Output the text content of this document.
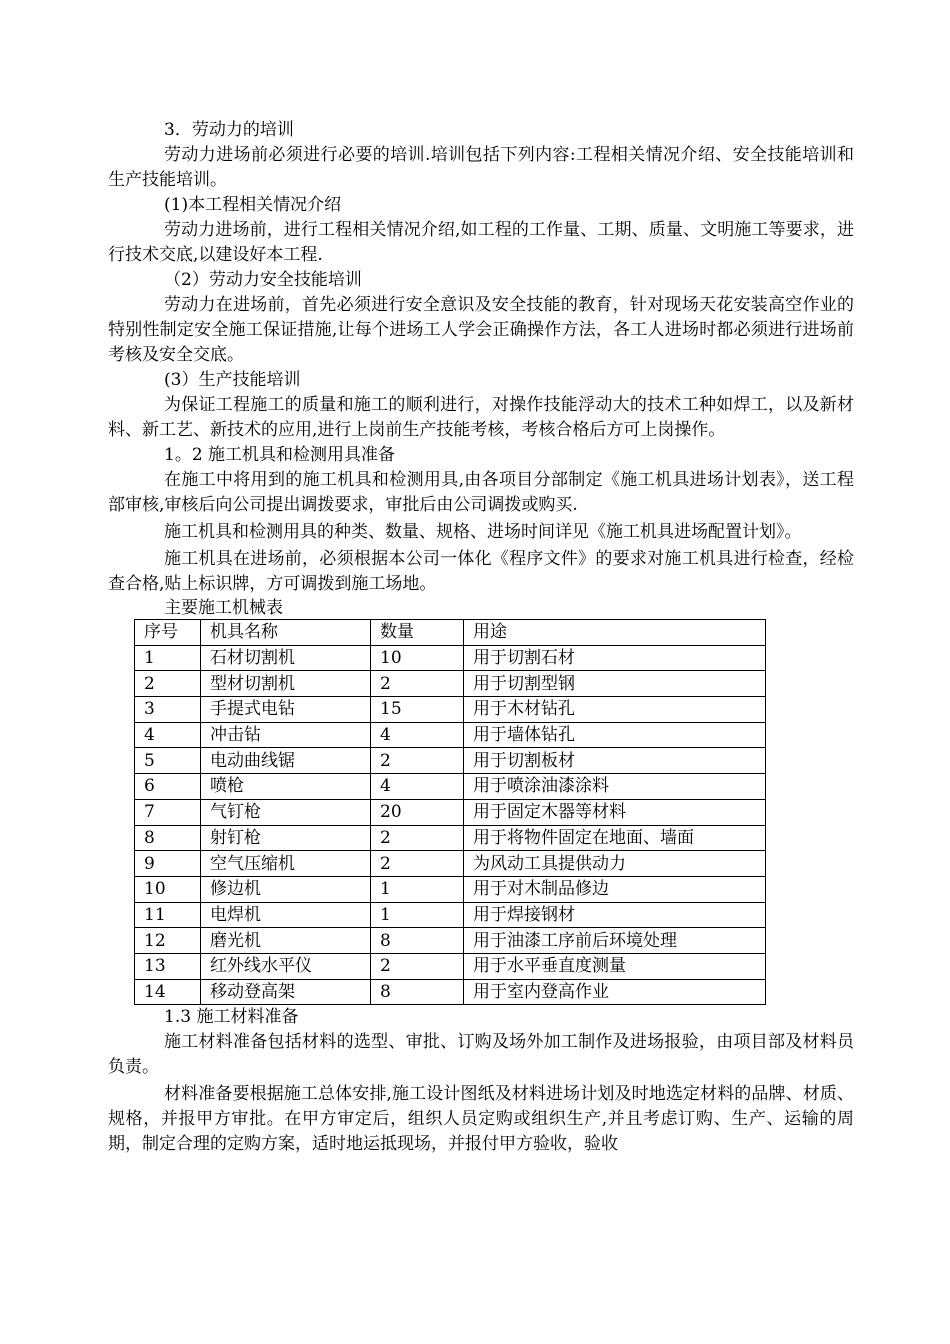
3．劳动力的培训

劳动力进场前必须进行必要的培训.培训包括下列内容:工程相关情况介绍、安全技能培训和生产技能培训。

(1)本工程相关情况介绍

劳动力进场前，进行工程相关情况介绍,如工程的工作量、工期、质量、文明施工等要求，进行技术交底,以建设好本工程.

（2）劳动力安全技能培训

劳动力在进场前，首先必须进行安全意识及安全技能的教育，针对现场天花安装高空作业的特别性制定安全施工保证措施,让每个进场工人学会正确操作方法，各工人进场时都必须进行进场前考核及安全交底。

(3）生产技能培训

为保证工程施工的质量和施工的顺利进行，对操作技能浮动大的技术工种如焊工，以及新材料、新工艺、新技术的应用,进行上岗前生产技能考核，考核合格后方可上岗操作。

1。2 施工机具和检测用具准备

在施工中将用到的施工机具和检测用具,由各项目分部制定《施工机具进场计划表》，送工程部审核,审核后向公司提出调拨要求，审批后由公司调拨或购买.

施工机具和检测用具的种类、数量、规格、进场时间详见《施工机具进场配置计划》。

施工机具在进场前，必须根据本公司一体化《程序文件》的要求对施工机具进行检查，经检查合格,贴上标识牌，方可调拨到施工场地。

主要施工机械表

序号	机具名称	数量	用途
1	石材切割机	10	用于切割石材
2	型材切割机	2	用于切割型钢
3	手提式电钻	15	用于木材钻孔
4	冲击钻	4	用于墙体钻孔
5	电动曲线锯	2	用于切割板材
6	喷枪	4	用于喷涂油漆涂料
7	气钉枪	20	用于固定木器等材料
8	射钉枪	2	用于将物件固定在地面、墙面
9	空气压缩机	2	为风动工具提供动力
10	修边机	1	用于对木制品修边
11	电焊机	1	用于焊接钢材
12	磨光机	8	用于油漆工序前后环境处理
13	红外线水平仪	2	用于水平垂直度测量
14	移动登高架	8	用于室内登高作业

1.3 施工材料准备

施工材料准备包括材料的选型、审批、订购及场外加工制作及进场报验，由项目部及材料员负责。

材料准备要根据施工总体安排,施工设计图纸及材料进场计划及时地选定材料的品牌、材质、规格，并报甲方审批。在甲方审定后，组织人员定购或组织生产,并且考虑订购、生产、运输的周期，制定合理的定购方案，适时地运抵现场，并报付甲方验收，验收
